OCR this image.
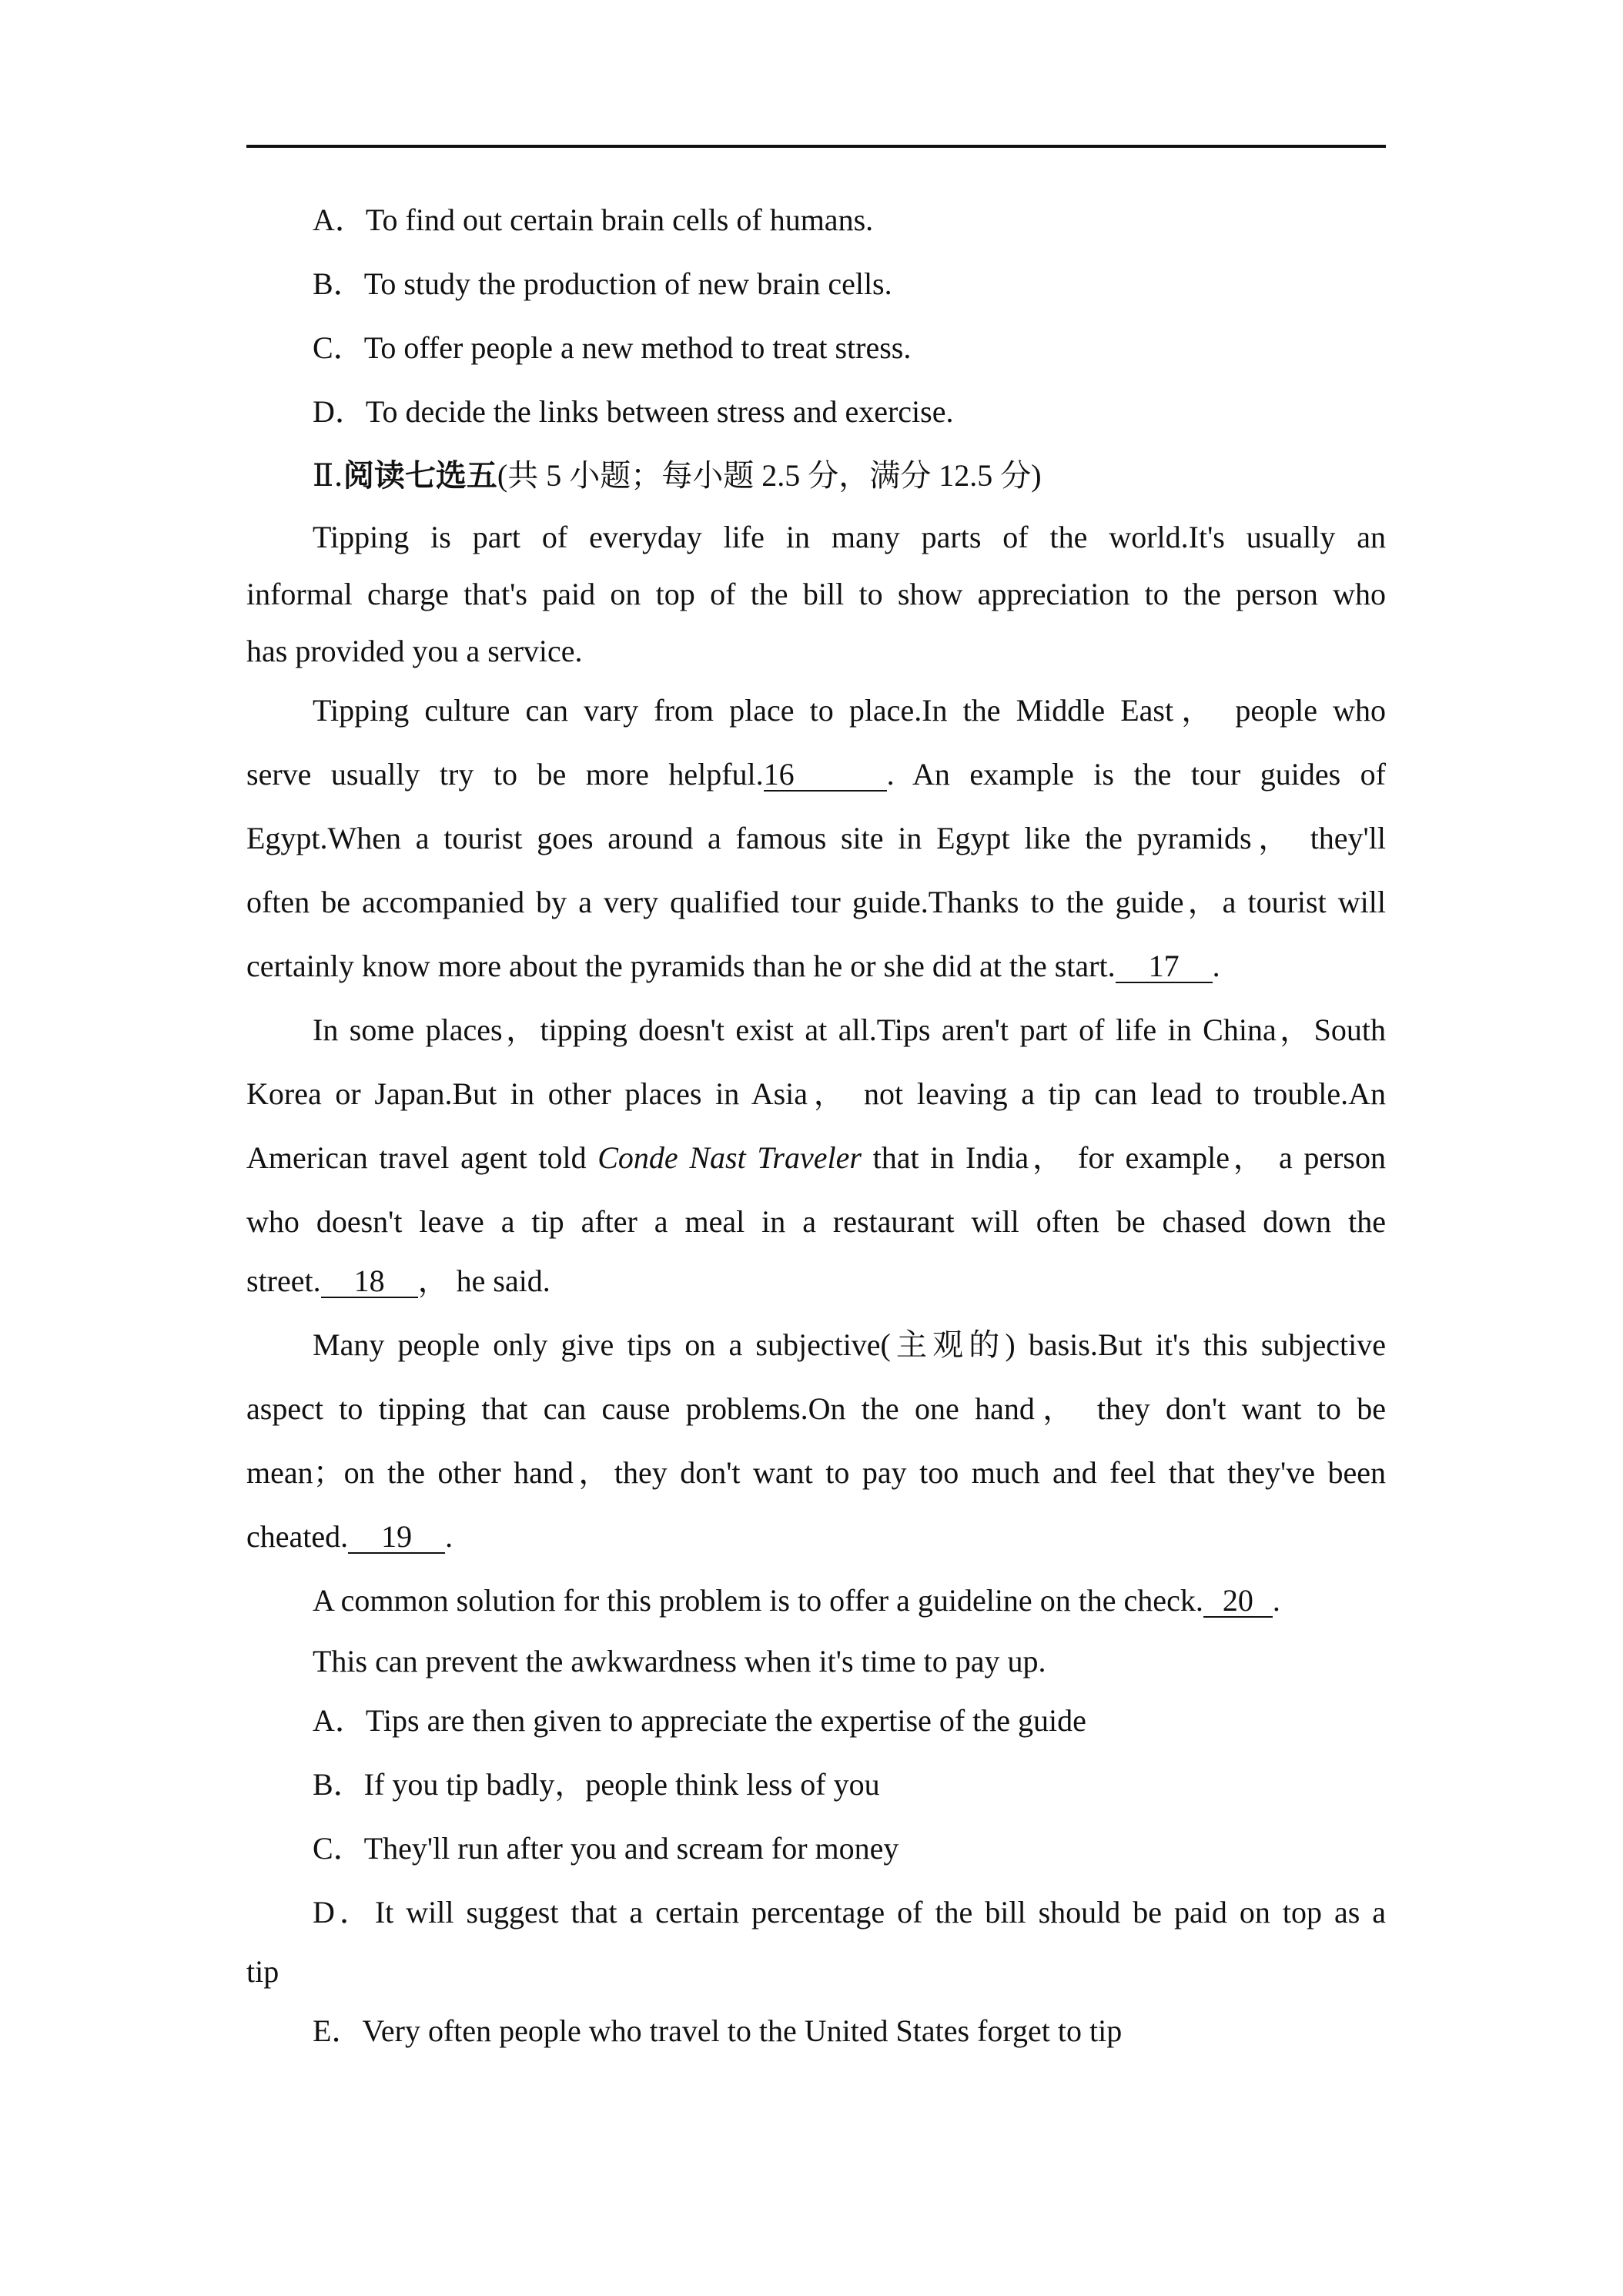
A．To find out certain brain cells of humans.
B．To study the production of new brain cells.
C．To offer people a new method to treat stress.
D．To decide the links between stress and exercise.
Ⅱ.阅读七选五(共 5 小题；每小题 2.5 分，满分 12.5 分)
Tipping is part of everyday life in many parts of the world.It's usually an
informal charge that's paid on top of the bill to show appreciation to the person who
has provided you a service.
Tipping culture can vary from place to place.In the Middle East， people who
serve usually try to be more helpful.16	. An example is the tour guides of
Egypt.When a tourist goes around a famous site in Egypt like the pyramids， they'll
often be accompanied by a very qualified tour guide.Thanks to the guide，a tourist will
certainly know more about the pyramids than he or she did at the start. 17 .
In some places，tipping doesn't exist at all.Tips aren't part of life in China，South
Korea or Japan.But in other places in Asia， not leaving a tip can lead to trouble.An
American travel agent told Conde Nast Traveler that in India， for example， a person
who doesn't leave a tip after a meal in a restaurant will often be chased down the
street. 18 ， he said.
Many people only give tips on a subjective(主观的) basis.But it's this subjective
aspect to tipping that can cause problems.On the one hand， they don't want to be
mean；on the other hand，they don't want to pay too much and feel that they've been
cheated. 19 .
A common solution for this problem is to offer a guideline on the check. 20 .
This can prevent the awkwardness when it's time to pay up.
A．Tips are then given to appreciate the expertise of the guide
B．If you tip badly，people think less of you
C．They'll run after you and scream for money
D．It will suggest that a certain percentage of the bill should be paid on top as a
tip
E．Very often people who travel to the United States forget to tip
